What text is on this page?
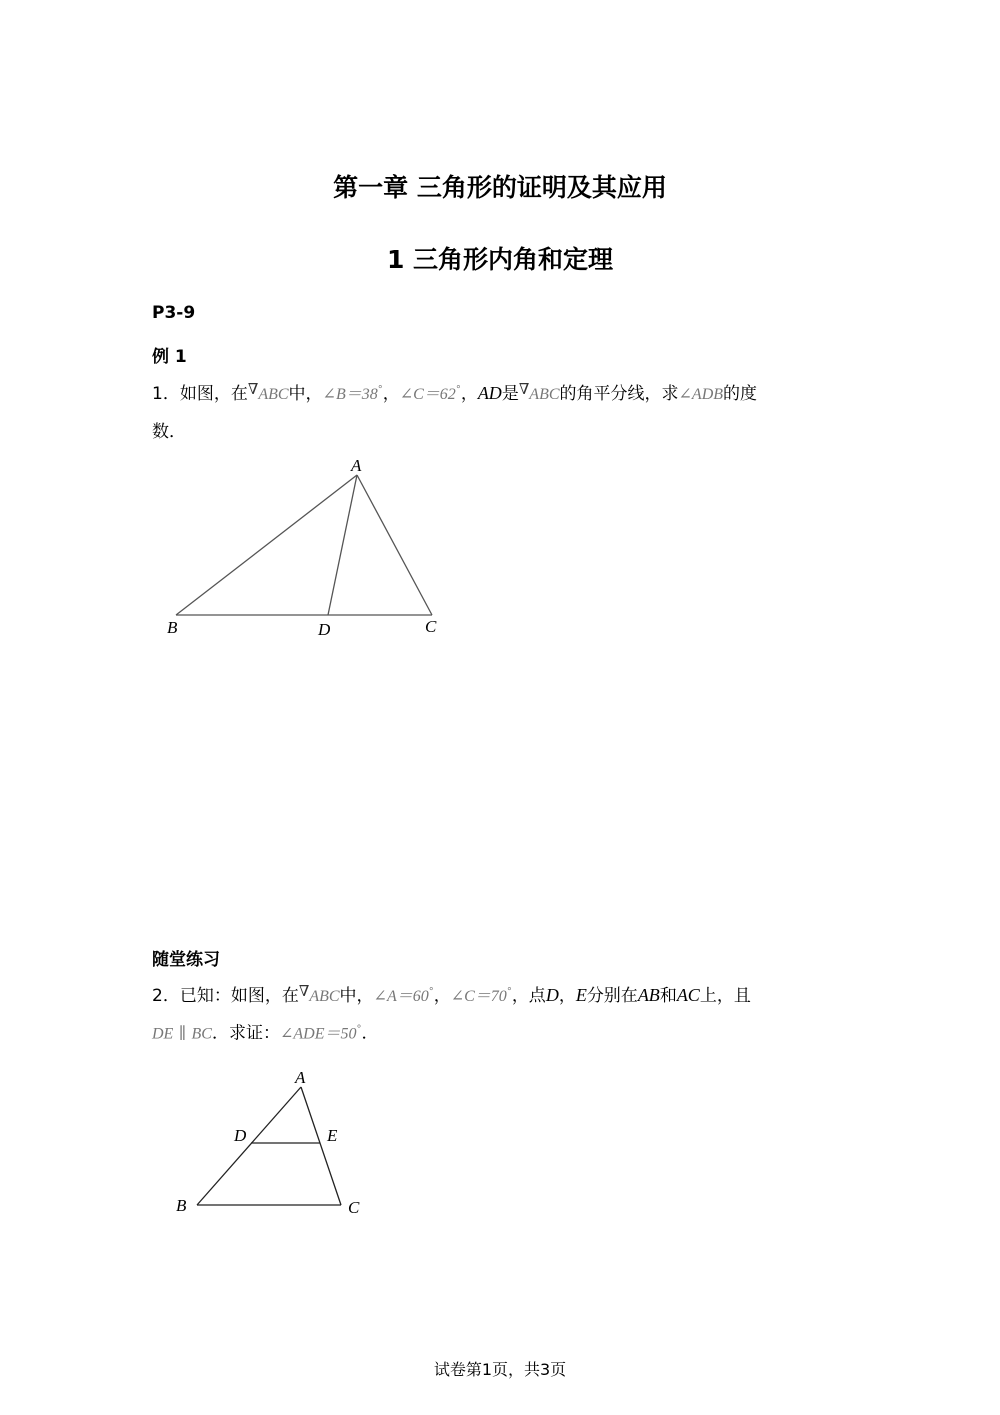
第一章 三角形的证明及其应用
1 三角形内角和定理
P3-9
例 1
1．如图，在∇ABC中，∠B＝38°，∠C＝62°，AD是∇ABC的角平分线，求∠ADB的度
数．
A
B	D	C
随堂练习
2．已知：如图，在∇ABC中，∠A＝60°，∠C＝70°，点D，E分别在AB和AC上，且
DE ∥ BC．求证：∠ADE＝50°．
A
D	E
B	C
试卷第1页，共3页
